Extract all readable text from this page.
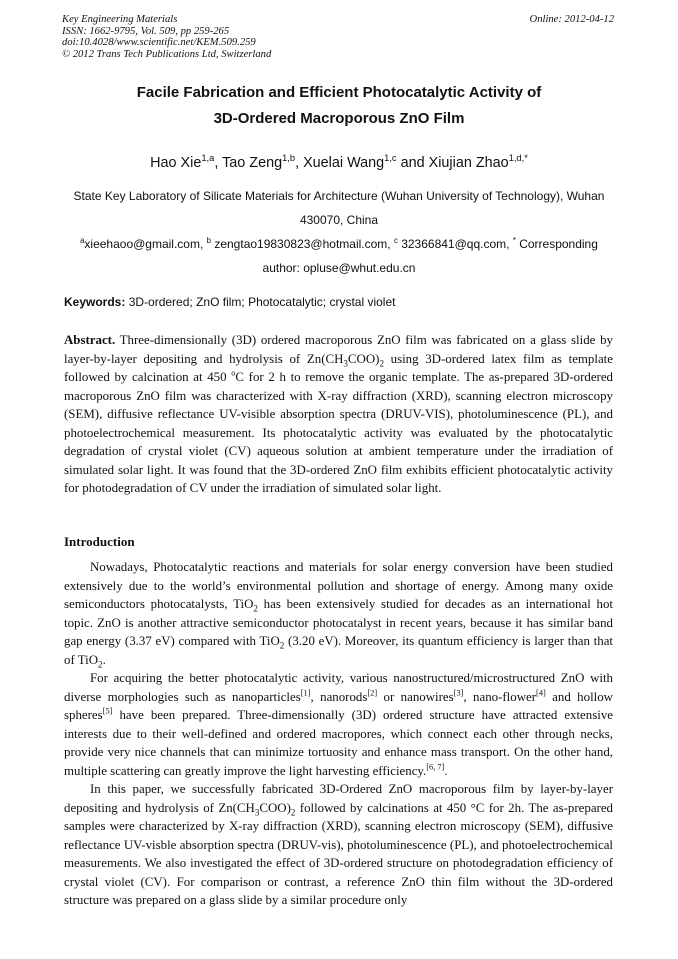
Key Engineering Materials
ISSN: 1662-9795, Vol. 509, pp 259-265
doi:10.4028/www.scientific.net/KEM.509.259
© 2012 Trans Tech Publications Ltd, Switzerland
Online: 2012-04-12
Facile Fabrication and Efficient Photocatalytic Activity of
3D-Ordered Macroporous ZnO Film
Hao Xie$^{1,a}$, Tao Zeng$^{1,b}$, Xuelai Wang$^{1,c}$ and Xiujian Zhao$^{1,d,*}$
State Key Laboratory of Silicate Materials for Architecture (Wuhan University of Technology), Wuhan
430070, China
$^a$xieehaoo@gmail.com, $^b$ zengtao19830823@hotmail.com, $^c$ 32366841@qq.com, * Corresponding
author: opluse@whut.edu.cn
Keywords: 3D-ordered; ZnO film; Photocatalytic; crystal violet

Abstract. Three-dimensionally (3D) ordered macroporous ZnO film was fabricated on a glass slide by layer-by-layer depositing and hydrolysis of $Zn(CH_3COO)_2$ using 3D-ordered latex film as template followed by calcination at 450 $^o$C for 2 h to remove the organic template. The as-prepared 3D-ordered macroporous ZnO film was characterized with X-ray diffraction (XRD), scanning electron microscopy (SEM), diffusive reflectance UV-visible absorption spectra (DRUV-VIS), photoluminescence (PL), and photoelectrochemical measurement. Its photocatalytic activity was evaluated by the photocatalytic degradation of crystal violet (CV) aqueous solution at ambient temperature under the irradiation of simulated solar light. It was found that the 3D-ordered ZnO film exhibits efficient photocatalytic activity for photodegradation of CV under the irradiation of simulated solar light.

Introduction

Nowadays, Photocatalytic reactions and materials for solar energy conversion have been studied extensively due to the world’s environmental pollution and shortage of energy. Among many oxide semiconductors photocatalysts, TiO$_2$ has been extensively studied for decades as an international hot topic. ZnO is another attractive semiconductor photocatalyst in recent years, because it has similar band gap energy (3.37 eV) compared with TiO$_2$ (3.20 eV). Moreover, its quantum efficiency is larger than that of TiO$_2$.

For acquiring the better photocatalytic activity, various nanostructured/microstructured ZnO with diverse morphologies such as nanoparticles[1], nanorods[2] or nanowires[3], nano-flower[4] and hollow spheres[5] have been prepared. Three-dimensionally (3D) ordered structure have attracted extensive interests due to their well-defined and ordered macropores, which connect each other through necks, provide very nice channels that can minimize tortuosity and enhance mass transport. On the other hand, multiple scattering can greatly improve the light harvesting efficiency.[6, 7].

In this paper, we successfully fabricated 3D-Ordered ZnO macroporous film by layer-by-layer depositing and hydrolysis of $Zn(CH_3COO)_2$ followed by calcinations at 450 °C for 2h. The as-prepared samples were characterized by X-ray diffraction (XRD), scanning electron microscopy (SEM), diffusive reflectance UV-visble absorption spectra (DRUV-vis), photoluminescence (PL), and photoelectrochemical measurements. We also investigated the effect of 3D-ordered structure on photodegradation efficiency of crystal violet (CV). For comparison or contrast, a reference ZnO thin film without the 3D-ordered structure was prepared on a glass slide by a similar procedure only
